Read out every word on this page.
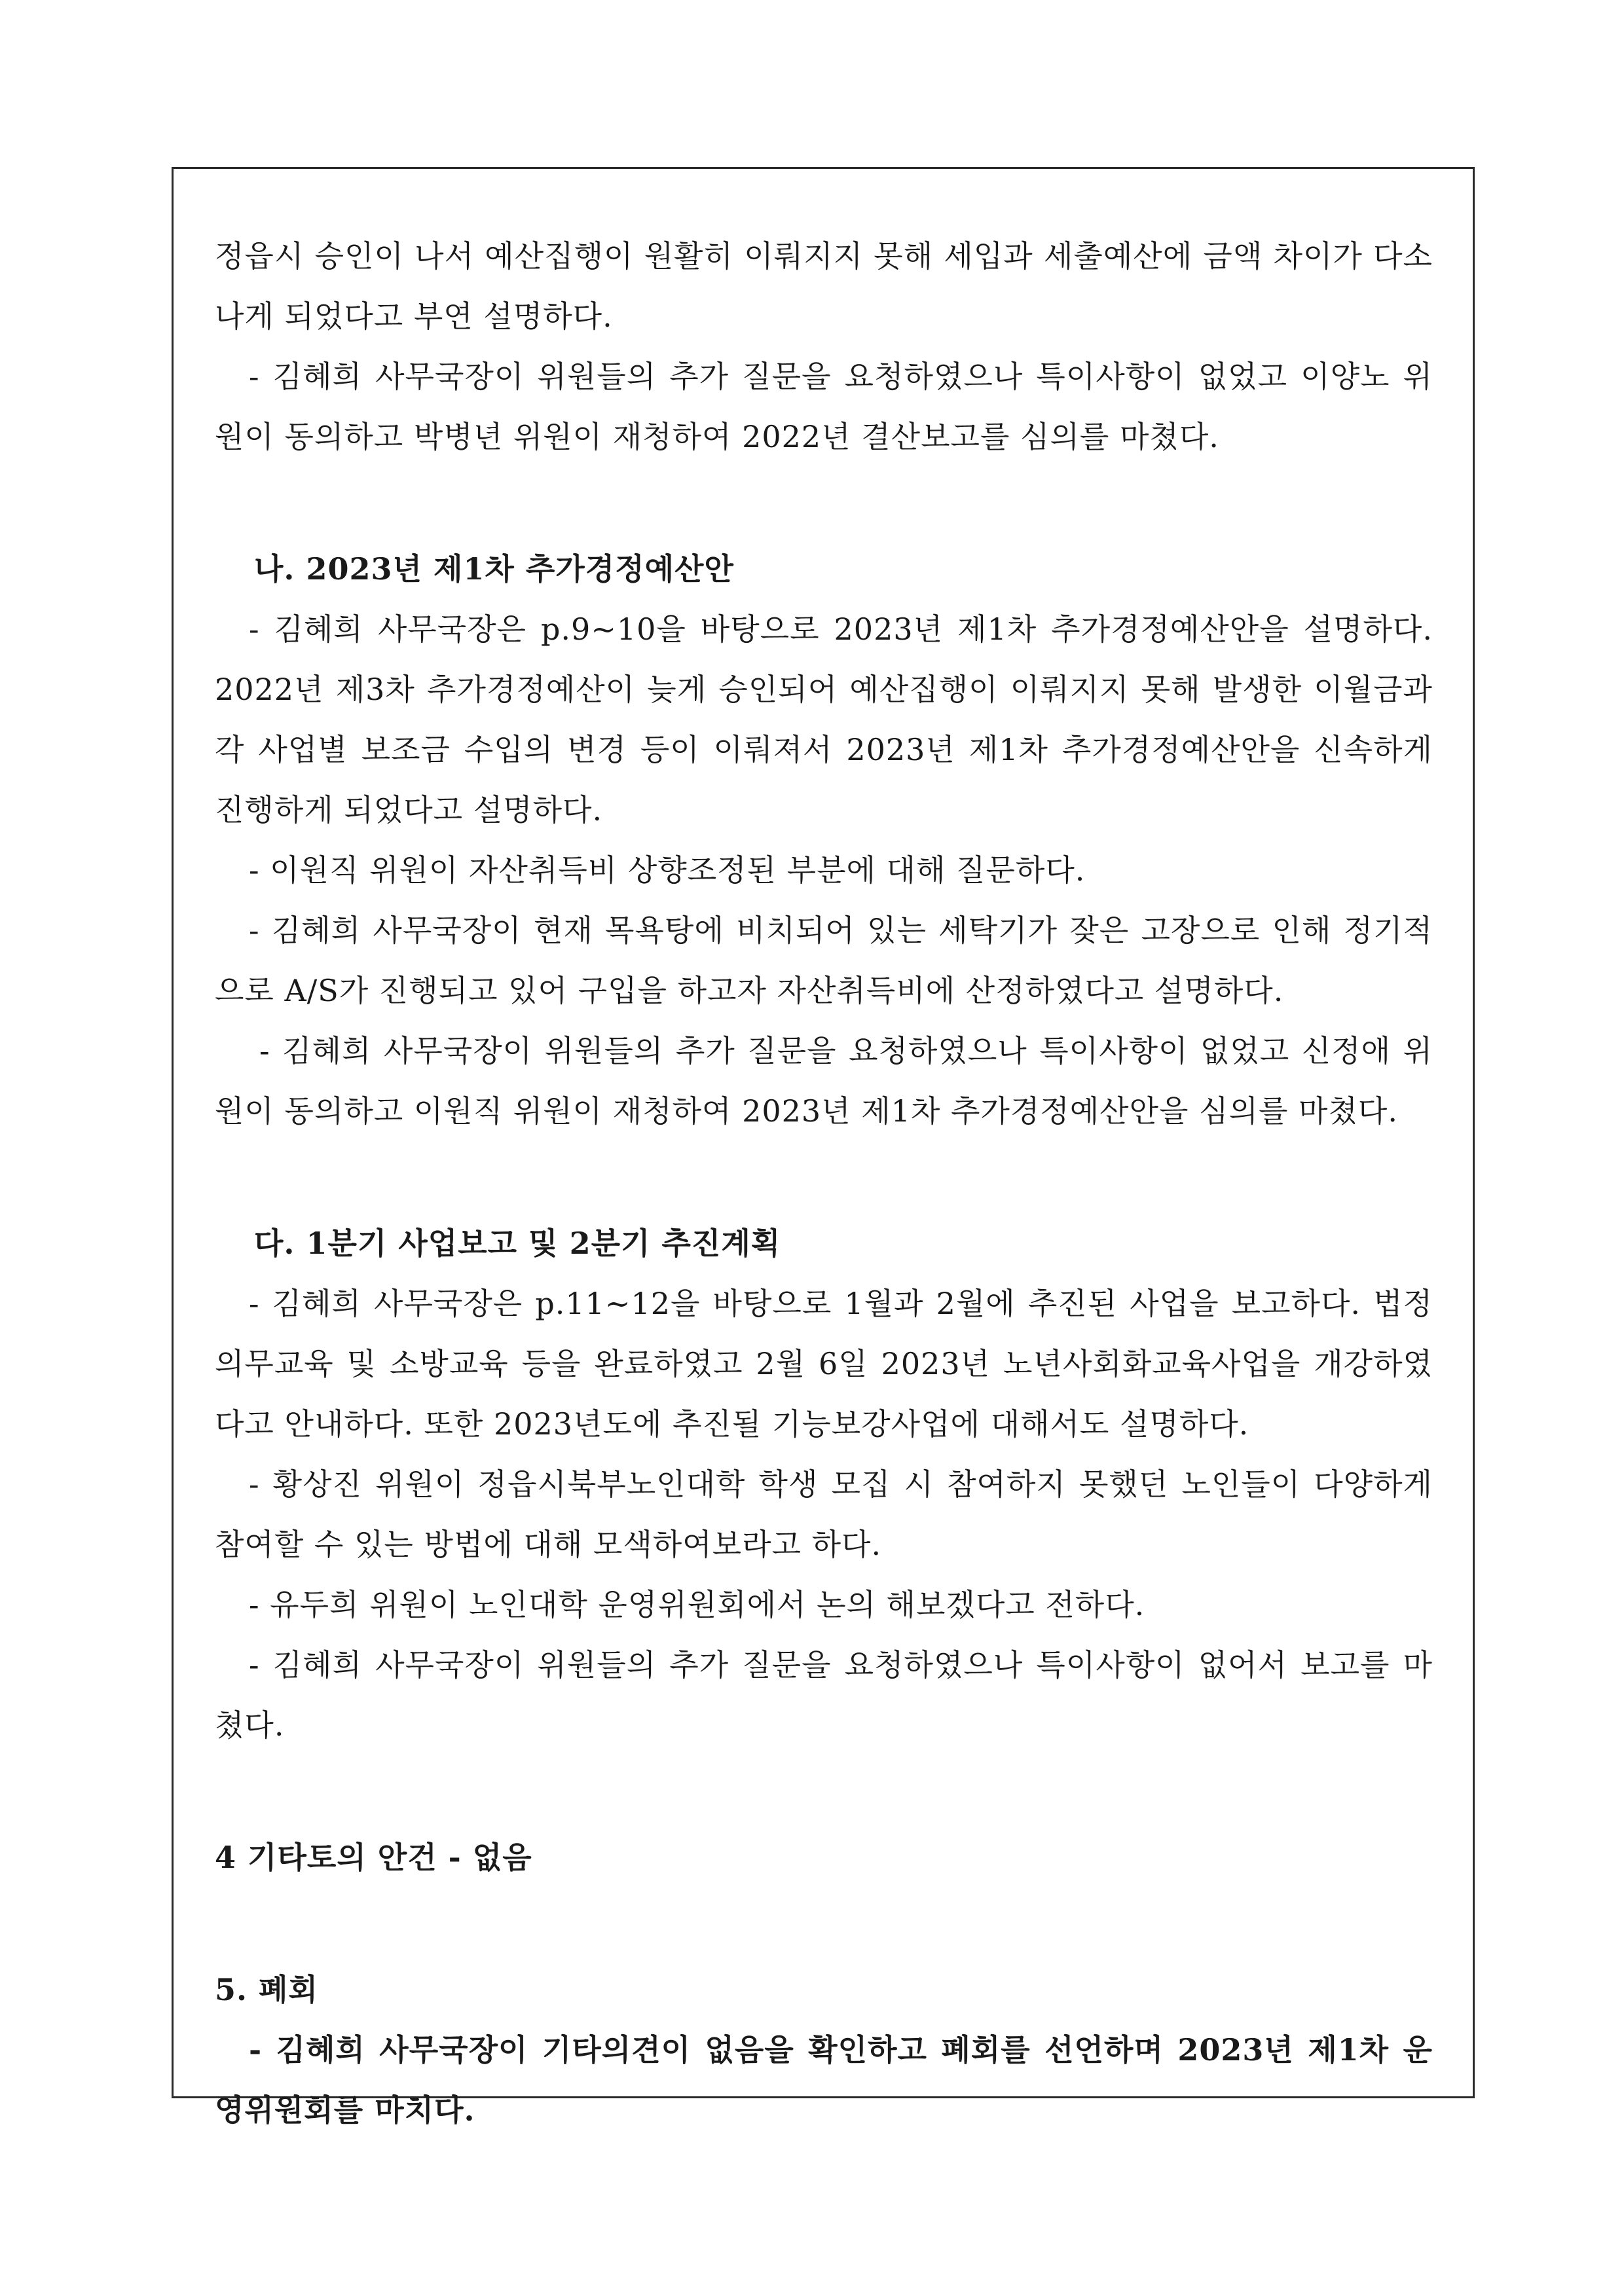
정읍시 승인이 나서 예산집행이 원활히 이뤄지지 못해 세입과 세출예산에 금액 차이가 다소 나게 되었다고 부연 설명하다.

- 김혜희 사무국장이 위원들의 추가 질문을 요청하였으나 특이사항이 없었고 이양노 위원이 동의하고 박병년 위원이 재청하여 2022년 결산보고를 심의를 마쳤다.

나. 2023년 제1차 추가경정예산안

- 김혜희 사무국장은 p.9~10을 바탕으로 2023년 제1차 추가경정예산안을 설명하다. 2022년 제3차 추가경정예산이 늦게 승인되어 예산집행이 이뤄지지 못해 발생한 이월금과 각 사업별 보조금 수입의 변경 등이 이뤄져서 2023년 제1차 추가경정예산안을 신속하게 진행하게 되었다고 설명하다.

- 이원직 위원이 자산취득비 상향조정된 부분에 대해 질문하다.

- 김혜희 사무국장이 현재 목욕탕에 비치되어 있는 세탁기가 잦은 고장으로 인해 정기적으로 A/S가 진행되고 있어 구입을 하고자 자산취득비에 산정하였다고 설명하다.

- 김혜희 사무국장이 위원들의 추가 질문을 요청하였으나 특이사항이 없었고 신정애 위원이 동의하고 이원직 위원이 재청하여 2023년 제1차 추가경정예산안을 심의를 마쳤다.

다. 1분기 사업보고 및 2분기 추진계획

- 김혜희 사무국장은 p.11~12을 바탕으로 1월과 2월에 추진된 사업을 보고하다. 법정의무교육 및 소방교육 등을 완료하였고 2월 6일 2023년 노년사회화교육사업을 개강하였다고 안내하다. 또한 2023년도에 추진될 기능보강사업에 대해서도 설명하다.

- 황상진 위원이 정읍시북부노인대학 학생 모집 시 참여하지 못했던 노인들이 다양하게 참여할 수 있는 방법에 대해 모색하여보라고 하다.

- 유두희 위원이 노인대학 운영위원회에서 논의 해보겠다고 전하다.

- 김혜희 사무국장이 위원들의 추가 질문을 요청하였으나 특이사항이 없어서 보고를 마쳤다.

4 기타토의 안건 - 없음

5. 폐회

- 김혜희 사무국장이 기타의견이 없음을 확인하고 폐회를 선언하며 2023년 제1차 운영위원회를 마치다.
